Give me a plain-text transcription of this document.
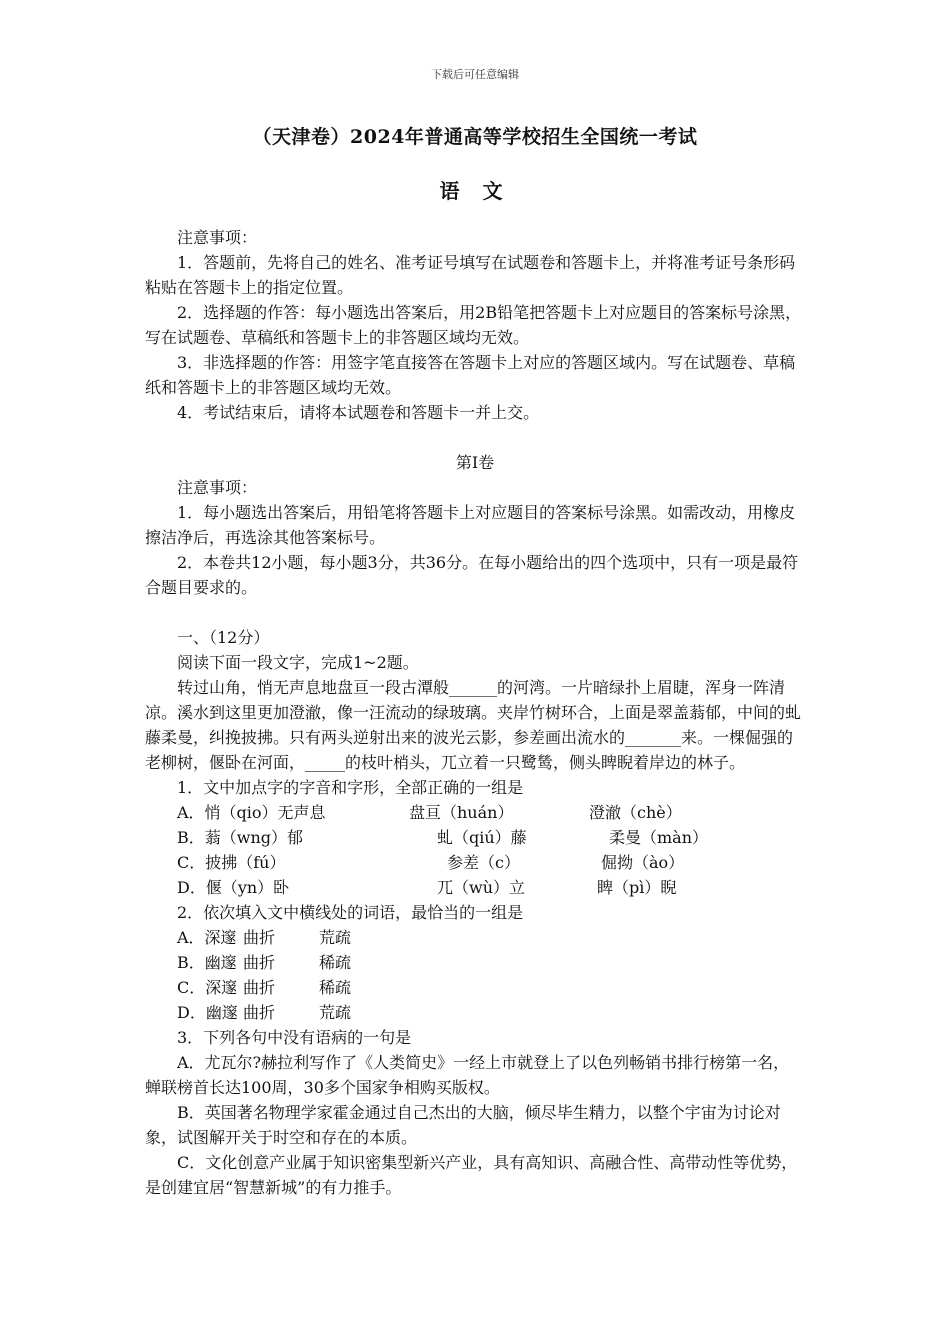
下载后可任意编辑
（天津卷）2024年普通高等学校招生全国统一考试
语 文

注意事项：

1．答题前，先将自己的姓名、准考证号填写在试题卷和答题卡上，并将准考证号条形码粘贴在答题卡上的指定位置。

2．选择题的作答：每小题选出答案后，用2B铅笔把答题卡上对应题目的答案标号涂黑，写在试题卷、草稿纸和答题卡上的非答题区域均无效。

3．非选择题的作答：用签字笔直接答在答题卡上对应的答题区域内。写在试题卷、草稿纸和答题卡上的非答题区域均无效。

4．考试结束后，请将本试题卷和答题卡一并上交。

第Ⅰ卷

注意事项：

1．每小题选出答案后，用铅笔将答题卡上对应题目的答案标号涂黑。如需改动，用橡皮擦洁净后，再选涂其他答案标号。

2．本卷共12小题，每小题3分，共36分。在每小题给出的四个选项中，只有一项是最符合题目要求的。

一、（12分）

阅读下面一段文字，完成1~2题。

转过山角，悄无声息地盘亘一段古潭般______的河湾。一片暗绿扑上眉睫，浑身一阵清凉。溪水到这里更加澄澈，像一汪流动的绿玻璃。夹岸竹树环合，上面是翠盖蓊郁，中间的虬藤柔曼，纠挽披拂。只有两头逆射出来的波光云影，参差画出流水的_______来。一棵倔强的老柳树，偃卧在河面，_____的枝叶梢头，兀立着一只鹭鸶，侧头睥睨着岸边的林子。

1．文中加点字的字音和字形，全部正确的一组是

A．悄（qio）无声息	盘亘（huán）	澄澈（chè）

B．蓊（wng）郁	虬（qiú）藤	柔曼（màn）

C．披拂（fú）	参差（c）	倔拗（ào）

D．偃（yn）卧	兀（wù）立	睥（pì）睨

2．依次填入文中横线处的词语，最恰当的一组是

A．深邃 曲折	荒疏

B．幽邃 曲折	稀疏

C．深邃 曲折	稀疏

D．幽邃 曲折	荒疏

3．下列各句中没有语病的一句是

A．尤瓦尔?赫拉利写作了《人类简史》一经上市就登上了以色列畅销书排行榜第一名，蝉联榜首长达100周，30多个国家争相购买版权。

B．英国著名物理学家霍金通过自己杰出的大脑，倾尽毕生精力，以整个宇宙为讨论对象，试图解开关于时空和存在的本质。

C．文化创意产业属于知识密集型新兴产业，具有高知识、高融合性、高带动性等优势，是创建宜居“智慧新城”的有力推手。
